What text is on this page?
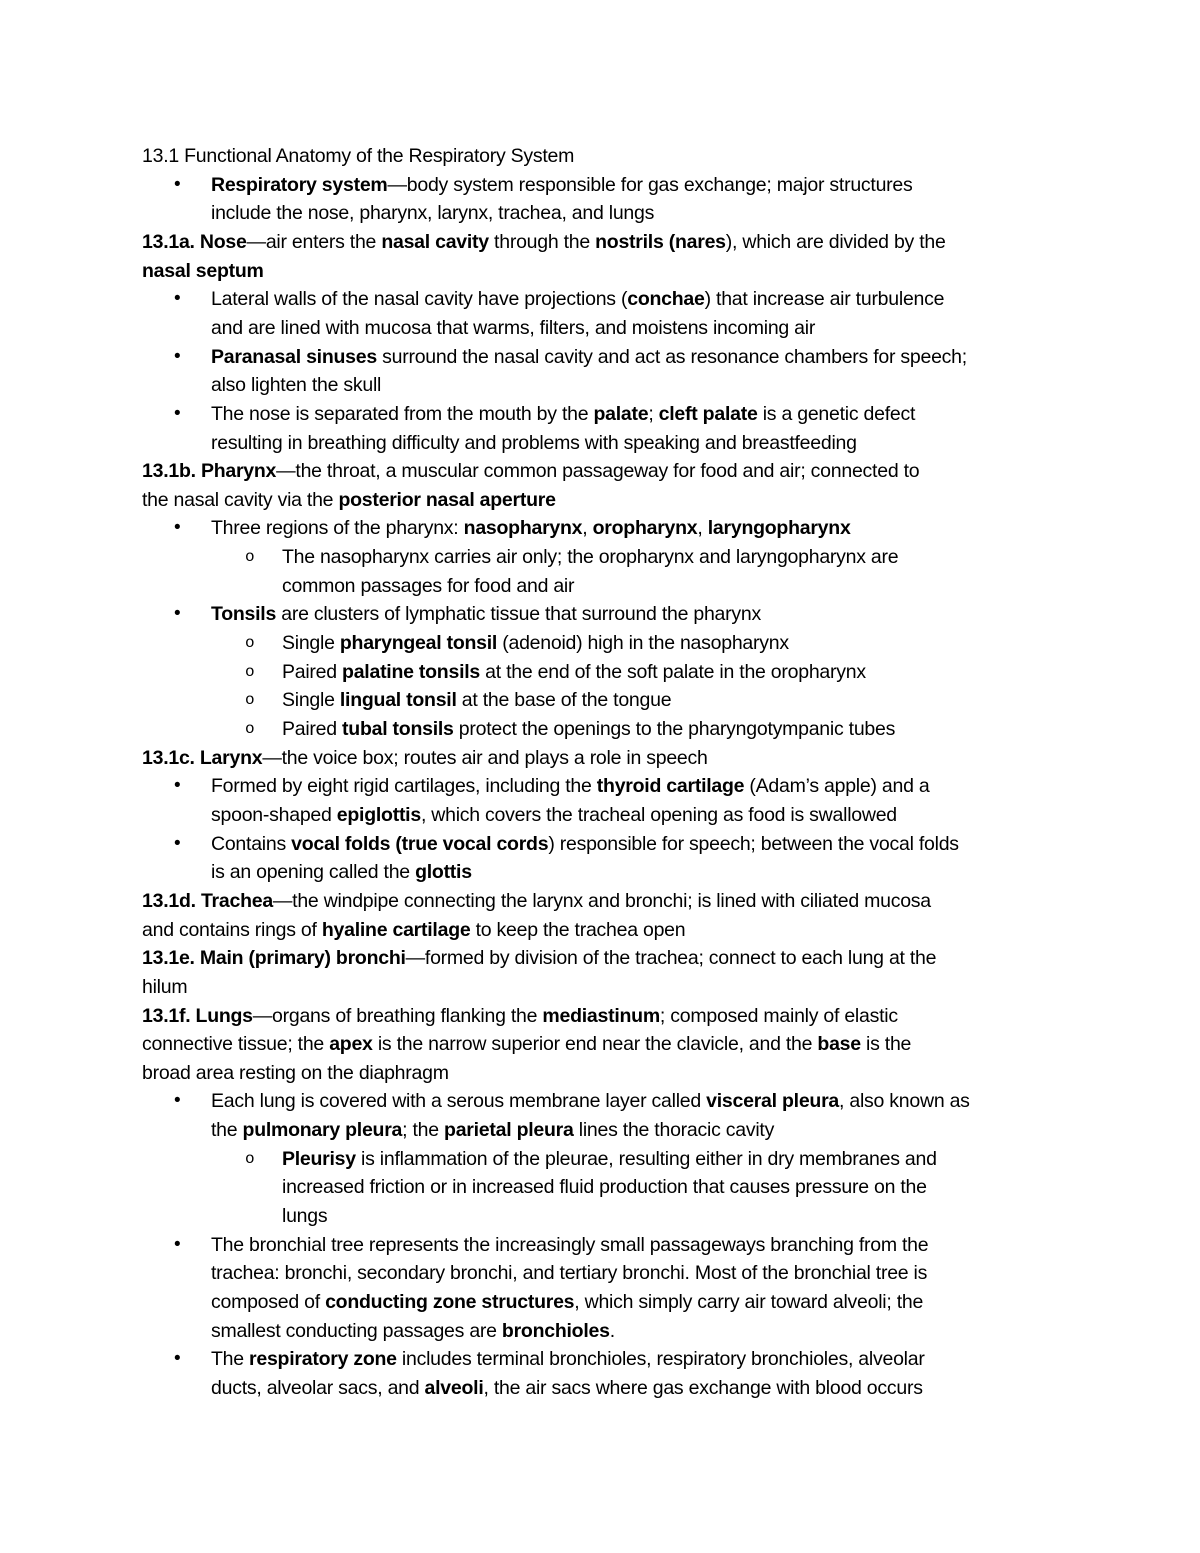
13.1 Functional Anatomy of the Respiratory System
Respiratory system—body system responsible for gas exchange; major structures
•
include the nose, pharynx, larynx, trachea, and lungs
13.1a. Nose—air enters the nasal cavity through the nostrils (nares), which are divided by the
nasal septum
Lateral walls of the nasal cavity have projections (conchae) that increase air turbulence
•
and are lined with mucosa that warms, filters, and moistens incoming air
Paranasal sinuses surround the nasal cavity and act as resonance chambers for speech;
•
also lighten the skull
The nose is separated from the mouth by the palate; cleft palate is a genetic defect
•
resulting in breathing difficulty and problems with speaking and breastfeeding
13.1b. Pharynx—the throat, a muscular common passageway for food and air; connected to
the nasal cavity via the posterior nasal aperture
Three regions of the pharynx: nasopharynx, oropharynx, laryngopharynx
•
The nasopharynx carries air only; the oropharynx and laryngopharynx are
o
common passages for food and air
Tonsils are clusters of lymphatic tissue that surround the pharynx
•
Single pharyngeal tonsil (adenoid) high in the nasopharynx
o
Paired palatine tonsils at the end of the soft palate in the oropharynx
o
Single lingual tonsil at the base of the tongue
o
Paired tubal tonsils protect the openings to the pharyngotympanic tubes
o
13.1c. Larynx—the voice box; routes air and plays a role in speech
Formed by eight rigid cartilages, including the thyroid cartilage (Adam’s apple) and a
•
spoon-shaped epiglottis, which covers the tracheal opening as food is swallowed
Contains vocal folds (true vocal cords) responsible for speech; between the vocal folds
•
is an opening called the glottis
13.1d. Trachea—the windpipe connecting the larynx and bronchi; is lined with ciliated mucosa
and contains rings of hyaline cartilage to keep the trachea open
13.1e. Main (primary) bronchi—formed by division of the trachea; connect to each lung at the
hilum
13.1f. Lungs—organs of breathing flanking the mediastinum; composed mainly of elastic
connective tissue; the apex is the narrow superior end near the clavicle, and the base is the
broad area resting on the diaphragm
Each lung is covered with a serous membrane layer called visceral pleura, also known as
•
the pulmonary pleura; the parietal pleura lines the thoracic cavity
Pleurisy is inflammation of the pleurae, resulting either in dry membranes and
o
increased friction or in increased fluid production that causes pressure on the
lungs
The bronchial tree represents the increasingly small passageways branching from the
•
trachea: bronchi, secondary bronchi, and tertiary bronchi. Most of the bronchial tree is
composed of conducting zone structures, which simply carry air toward alveoli; the
smallest conducting passages are bronchioles.
The respiratory zone includes terminal bronchioles, respiratory bronchioles, alveolar
•
ducts, alveolar sacs, and alveoli, the air sacs where gas exchange with blood occurs
